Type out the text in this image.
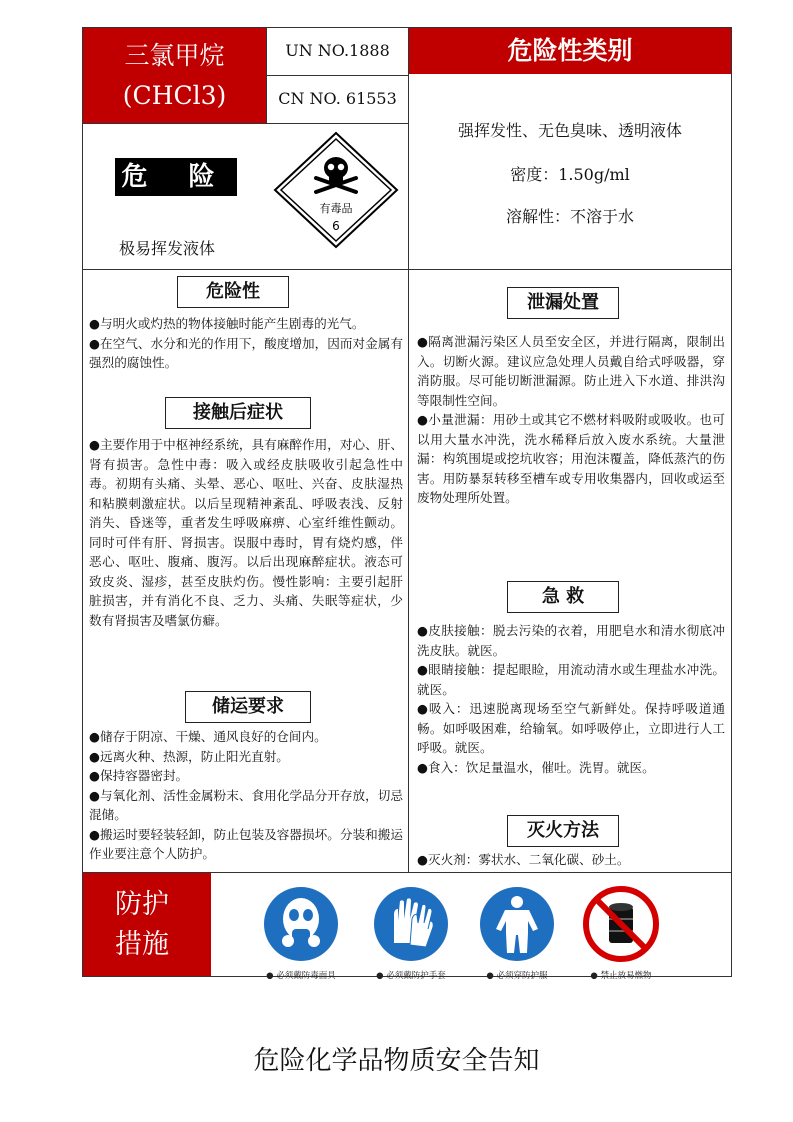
三氯甲烷
(CHCl3)
UN NO.1888
CN NO. 61553
危险性类别
强挥发性、无色臭味、透明液体
密度：1.50g/ml
溶解性：不溶于水
危 险
有毒品
6
极易挥发液体
危险性
●与明火或灼热的物体接触时能产生剧毒的光气。
●在空气、水分和光的作用下，酸度增加，因而对金属有强烈的腐蚀性。
接触后症状
●主要作用于中枢神经系统，具有麻醉作用，对心、肝、肾有损害。急性中毒：吸入或经皮肤吸收引起急性中毒。初期有头痛、头晕、恶心、呕吐、兴奋、皮肤湿热和粘膜刺激症状。以后呈现精神紊乱、呼吸表浅、反射消失、昏迷等，重者发生呼吸麻痹、心室纤维性颤动。同时可伴有肝、肾损害。误服中毒时，胃有烧灼感，伴恶心、呕吐、腹痛、腹泻。以后出现麻醉症状。液态可致皮炎、湿疹，甚至皮肤灼伤。慢性影响：主要引起肝脏损害，并有消化不良、乏力、头痛、失眠等症状，少数有肾损害及嗜氯仿癖。
储运要求
●储存于阴凉、干燥、通风良好的仓间内。
●远离火种、热源，防止阳光直射。
●保持容器密封。
●与氧化剂、活性金属粉末、食用化学品分开存放，切忌混储。
●搬运时要轻装轻卸，防止包装及容器损坏。分装和搬运作业要注意个人防护。
泄漏处置
●隔离泄漏污染区人员至安全区，并进行隔离，限制出入。切断火源。建议应急处理人员戴自给式呼吸器，穿消防服。尽可能切断泄漏源。防止进入下水道、排洪沟等限制性空间。
●小量泄漏：用砂土或其它不燃材料吸附或吸收。也可以用大量水冲洗，洗水稀释后放入废水系统。大量泄漏：构筑围堤或挖坑收容；用泡沫覆盖，降低蒸汽的伤害。用防暴泵转移至槽车或专用收集器内，回收或运至废物处理所处置。
急 救
●皮肤接触：脱去污染的衣着，用肥皂水和清水彻底冲洗皮肤。就医。
●眼睛接触：提起眼睑，用流动清水或生理盐水冲洗。就医。
●吸入：迅速脱离现场至空气新鲜处。保持呼吸道通畅。如呼吸困难，给输氧。如呼吸停止，立即进行人工呼吸。就医。
●食入：饮足量温水，催吐。洗胃。就医。
灭火方法
●灭火剂：雾状水、二氧化碳、砂土。
防护
措施
● 必须戴防毒面具	● 必须戴防护手套	● 必须穿防护服	● 禁止放易燃物
危险化学品物质安全告知
